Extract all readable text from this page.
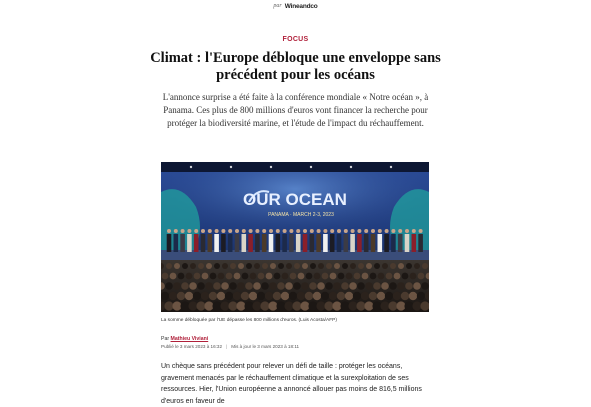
par Wineandco
FOCUS
Climat : l'Europe débloque une enveloppe sans précédent pour les océans

L'annonce surprise a été faite à la conférence mondiale « Notre océan », à Panama. Ces plus de 800 millions d'euros vont financer la recherche pour protéger la biodiversité marine, et l'étude de l'impact du réchauffement.

OUR OCEAN
PANAMA · MARCH 2-3, 2023
La somme débloquée par l'UE dépasse les 800 millions d'euros. (Luis Acosta/AFP)
Par Mathieu Viviani
Publié le 3 mars 2023 à 16:32 | Mis à jour le 3 mars 2023 à 18:11

Un chèque sans précédent pour relever un défi de taille : protéger les océans, gravement menacés par le réchauffement climatique et la surexploitation de ses ressources. Hier, l'Union européenne a annoncé allouer pas moins de 816,5 millions d'euros en faveur de
